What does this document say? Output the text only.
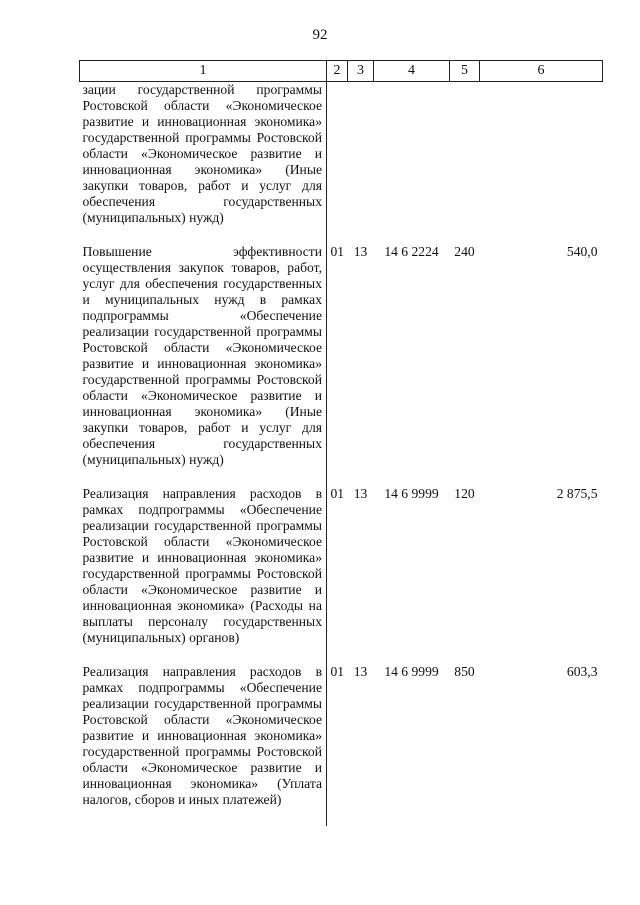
92
1	2	3	4	5	6
зации государственной программы Ростовской области «Экономическое развитие и инновационная экономика» государственной программы Ростовской области «Экономическое развитие и инновационная экономика» (Иные закупки товаров, работ и услуг для обеспечения государственных (муниципальных) нужд)					
Повышение эффективности осуществления закупок товаров, работ, услуг для обеспечения государственных и муниципальных нужд в рамках подпрограммы «Обеспечение реализации государственной программы Ростовской области «Экономическое развитие и инновационная экономика» государственной программы Ростовской области «Экономическое развитие и инновационная экономика» (Иные закупки товаров, работ и услуг для обеспечения государственных (муниципальных) нужд)	01	13	14 6 2224	240	540,0
Реализация направления расходов в рамках подпрограммы «Обеспечение реализации государственной программы Ростовской области «Экономическое развитие и инновационная экономика» государственной программы Ростовской области «Экономическое развитие и инновационная экономика» (Расходы на выплаты персоналу государственных (муниципальных) органов)	01	13	14 6 9999	120	2 875,5
Реализация направления расходов в рамках подпрограммы «Обеспечение реализации государственной программы Ростовской области «Экономическое развитие и инновационная экономика» государственной программы Ростовской области «Экономическое развитие и инновационная экономика» (Уплата налогов, сборов и иных платежей)	01	13	14 6 9999	850	603,3
